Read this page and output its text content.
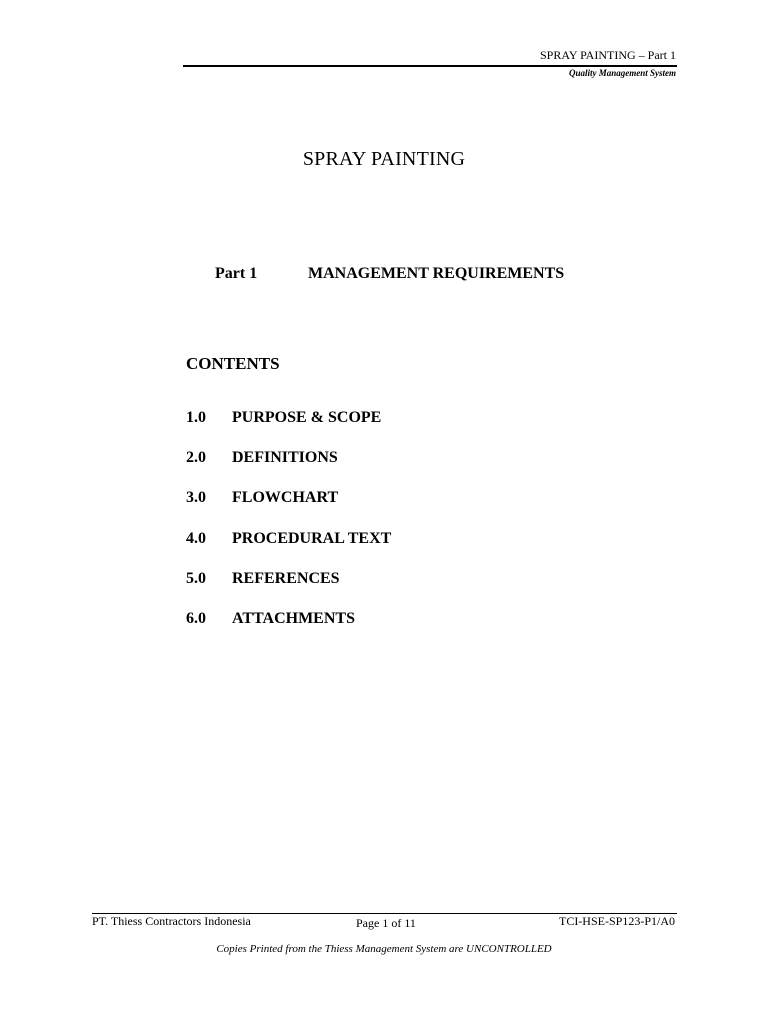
SPRAY PAINTING – Part 1
Quality Management System
SPRAY PAINTING
Part 1	MANAGEMENT REQUIREMENTS
CONTENTS
1.0 PURPOSE & SCOPE
2.0 DEFINITIONS
3.0 FLOWCHART
4.0 PROCEDURAL TEXT
5.0 REFERENCES
6.0 ATTACHMENTS
PT. Thiess Contractors Indonesia	Page 1 of 11	TCI-HSE-SP123-P1/A0
Copies Printed from the Thiess Management System are UNCONTROLLED
